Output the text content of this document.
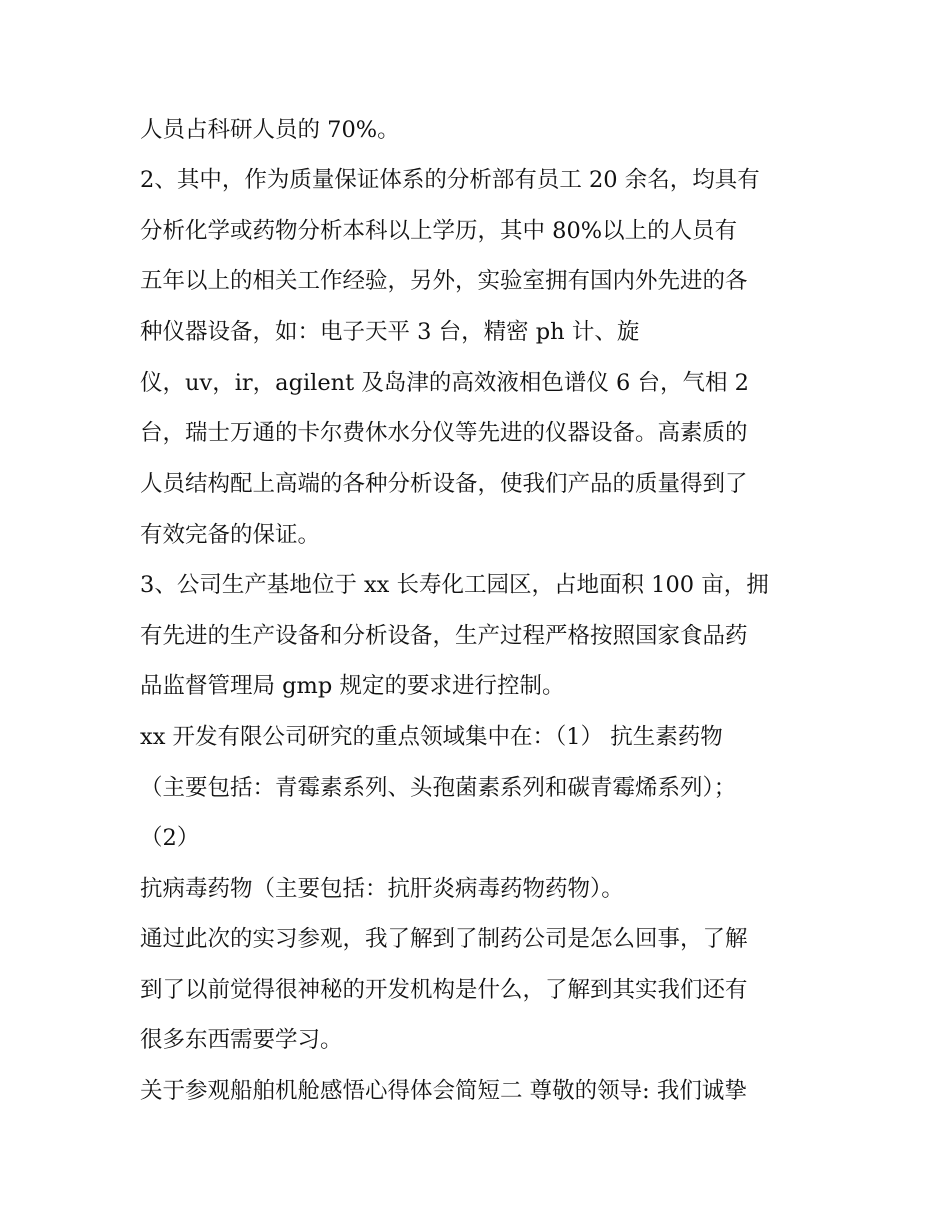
人员占科研人员的 70%。
2、其中，作为质量保证体系的分析部有员工 20 余名，均具有
分析化学或药物分析本科以上学历，其中 80%以上的人员有
五年以上的相关工作经验，另外，实验室拥有国内外先进的各
种仪器设备，如：电子天平 3 台，精密 ph 计、旋
仪，uv，ir，agilent 及岛津的高效液相色谱仪 6 台，气相 2
台，瑞士万通的卡尔费休水分仪等先进的仪器设备。高素质的
人员结构配上高端的各种分析设备，使我们产品的质量得到了
有效完备的保证。
3、公司生产基地位于 xx 长寿化工园区，占地面积 100 亩，拥
有先进的生产设备和分析设备，生产过程严格按照国家食品药
品监督管理局 gmp 规定的要求进行控制。
xx 开发有限公司研究的重点领域集中在：（1） 抗生素药物
（主要包括：青霉素系列、头孢菌素系列和碳青霉烯系列）；
（2）
抗病毒药物（主要包括：抗肝炎病毒药物药物）。
通过此次的实习参观，我了解到了制药公司是怎么回事，了解
到了以前觉得很神秘的开发机构是什么，了解到其实我们还有
很多东西需要学习。
关于参观船舶机舱感悟心得体会简短二 尊敬的领导: 我们诚挚
